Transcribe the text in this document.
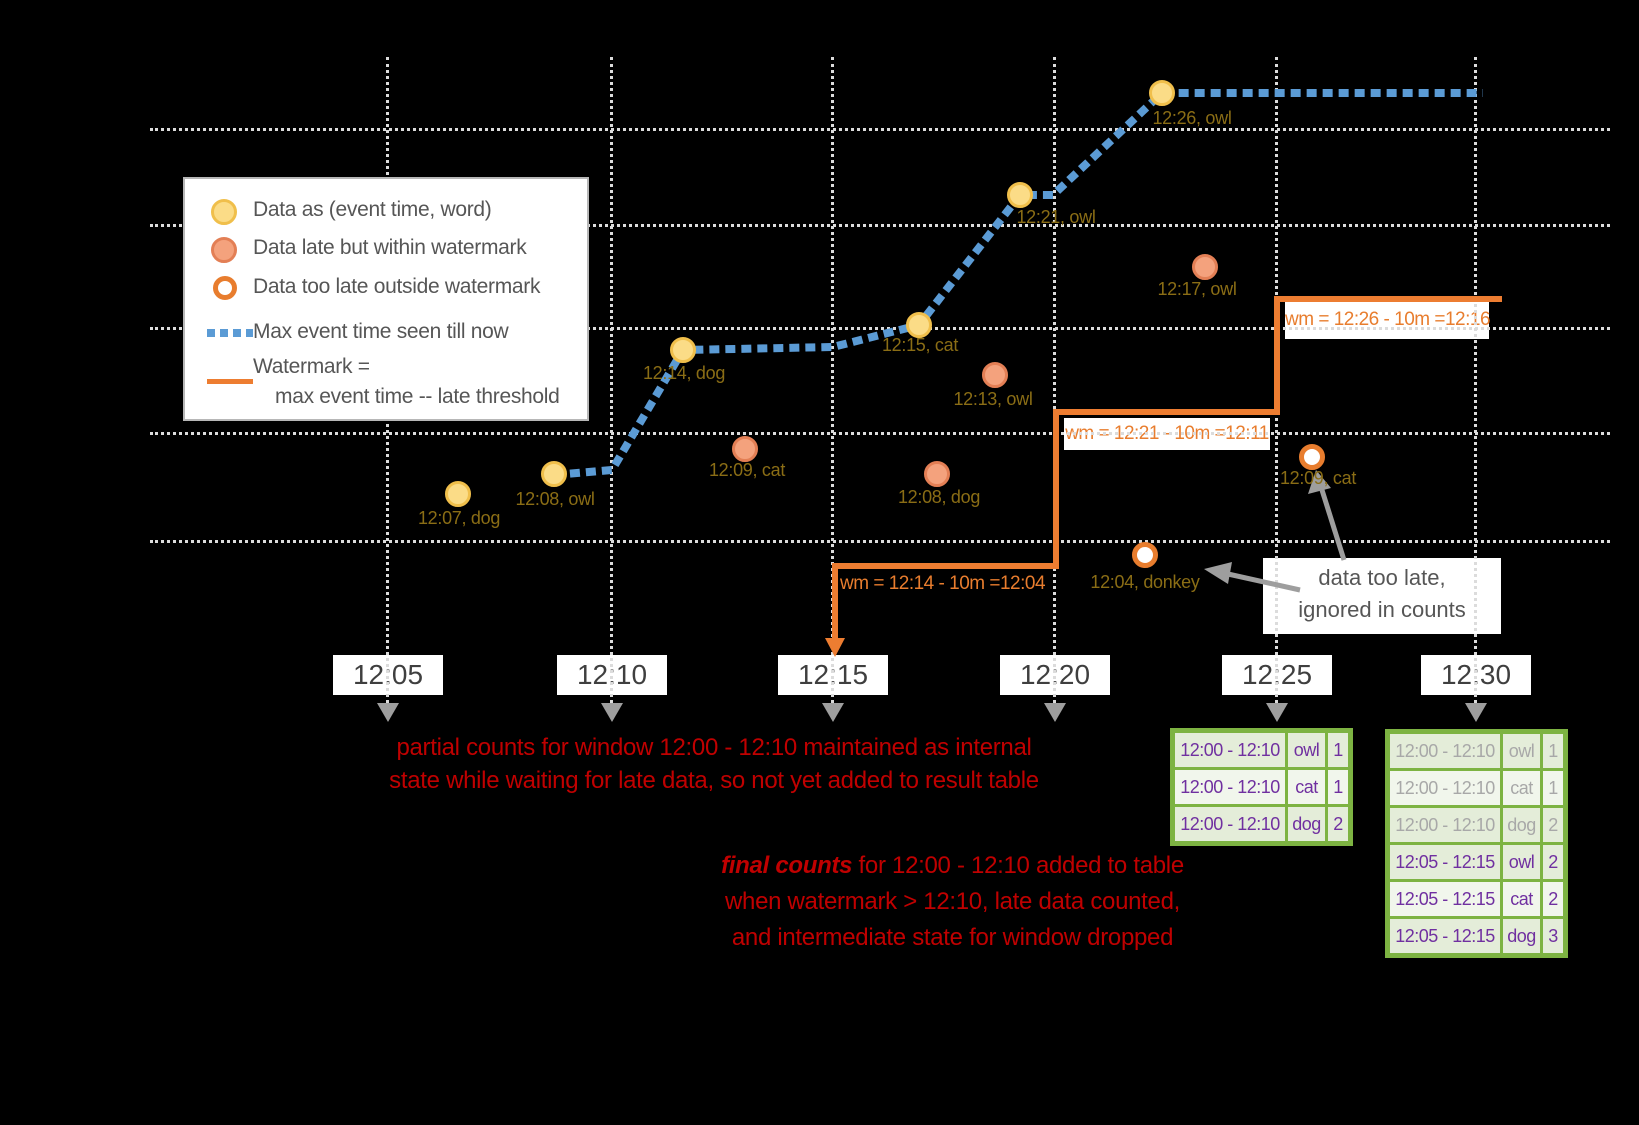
Data as (event time, word)
Data late but within watermark
Data too late outside watermark
Max event time seen till now
Watermark =
max event time -- late threshold
12:07, dog
12:08, owl
12:14, dog
12:15, cat
12:21, owl
12:26, owl
12:09, cat
12:08, dog
12:13, owl
12:17, owl
12:04, donkey
12:09, cat
wm = 12:14 - 10m =12:04
wm = 12:21 - 10m =12:11
wm = 12:26 - 10m =12:16
12:05	12:10	12:15	12:20	12:25	12:30
data too late,
ignored in counts
partial counts for window 12:00 - 12:10 maintained as internal
state while waiting for late data, so not yet added to result table
final counts for 12:00 - 12:10 added to table
when watermark > 12:10, late data counted,
and intermediate state for window dropped
12:00 - 12:10 owl 1
12:00 - 12:10 cat 1
12:00 - 12:10 dog 2
12:00 - 12:10 owl 1
12:00 - 12:10 cat 1
12:00 - 12:10 dog 2
12:05 - 12:15 owl 2
12:05 - 12:15 cat 2
12:05 - 12:15 dog 3
